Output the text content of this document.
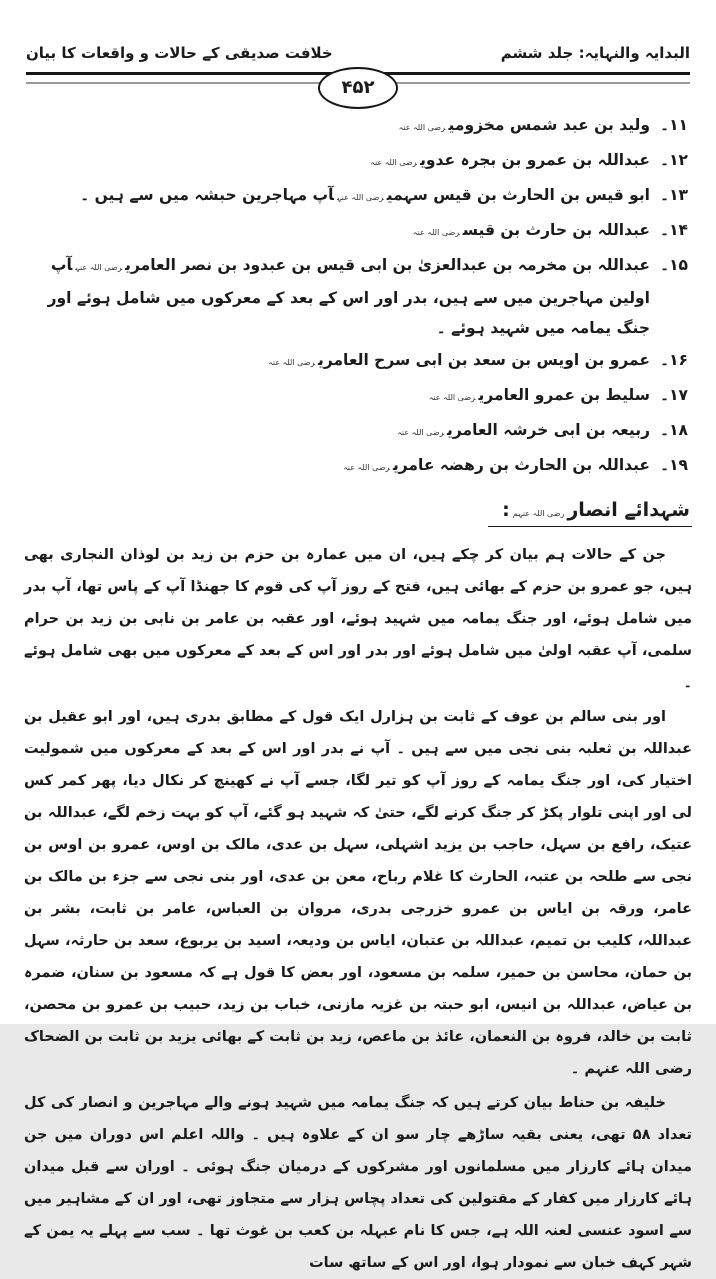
البدایہ والنہایہ: جلد ششم
خلافت صدیقی کے حالات و واقعات کا بیان
۴۵۲
۱۱۔
ولید بن عبد شمس مخزومیرضی اللہ عنہ
۱۲۔
عبداللہ بن عمرو بن بجرہ عدویرضی اللہ عنہ
۱۳۔
ابو قیس بن الحارث بن قیس سہمیرضی اللہ عنہآپ مہاجرین حبشہ میں سے ہیں ۔
۱۴۔
عبداللہ بن حارث بن قیسرضی اللہ عنہ
۱۵۔
عبداللہ بن مخرمہ بن عبدالعزیٰ بن ابی قیس بن عبدود بن نصر العامریرضی اللہ عنہآپ اولین مہاجرین میں سے ہیں، بدر اور اس کے بعد کے معرکوں میں شامل ہوئے اور جنگ یمامہ میں شہید ہوئے ۔
۱۶۔
عمرو بن اویس بن سعد بن ابی سرح العامریرضی اللہ عنہ
۱۷۔
سلیط بن عمرو العامریرضی اللہ عنہ
۱۸۔
ربیعہ بن ابی خرشہ العامریرضی اللہ عنہ
۱۹۔
عبداللہ بن الحارث بن رھضہ عامریرضی اللہ عنہ
شہدائے انصاررضی اللہ عنہم:

جن کے حالات ہم بیان کر چکے ہیں، ان میں عمارہ بن حزم بن زید بن لوذان النجاری بھی ہیں، جو عمرو بن حزم کے بھائی ہیں، فتح کے روز آپ کی قوم کا جھنڈا آپ کے پاس تھا، آپ بدر میں شامل ہوئے، اور جنگ یمامہ میں شہید ہوئے، اور عقبہ بن عامر بن نابی بن زید بن حرام سلمی، آپ عقبہ اولیٰ میں شامل ہوئے اور بدر اور اس کے بعد کے معرکوں میں بھی شامل ہوئے ۔

اور بنی سالم بن عوف کے ثابت بن ہزارل ایک قول کے مطابق بدری ہیں، اور ابو عقیل بن عبداللہ بن ثعلبہ بنی نجی میں سے ہیں ۔ آپ نے بدر اور اس کے بعد کے معرکوں میں شمولیت اختیار کی، اور جنگ یمامہ کے روز آپ کو تیر لگا، جسے آپ نے کھینچ کر نکال دیا، پھر کمر کس لی اور اپنی تلوار پکڑ کر جنگ کرنے لگے، حتیٰ کہ شہید ہو گئے، آپ کو بہت زخم لگے، عبداللہ بن عتیک، رافع بن سہل، حاجب بن یزید اشہلی، سہل بن عدی، مالک بن اوس، عمرو بن اوس بن نجی سے طلحہ بن عتبہ، الحارث کا غلام رباح، معن بن عدی، اور بنی نجی سے جزء بن مالک بن عامر، ورقہ بن ایاس بن عمرو خزرجی بدری، مروان بن العباس، عامر بن ثابت، بشر بن عبداللہ، کلیب بن تمیم، عبداللہ بن عتبان، ایاس بن ودیعہ، اسید بن یربوع، سعد بن حارثہ، سہل بن حمان، محاسن بن حمیر، سلمہ بن مسعود، اور بعض کا قول ہے کہ مسعود بن سنان، ضمرہ بن عیاض، عبداللہ بن انیس، ابو حبتہ بن غزیہ مازنی، خباب بن زید، حبیب بن عمرو بن محصن، ثابت بن خالد، فروہ بن النعمان، عائذ بن ماعص، زید بن ثابت کے بھائی یزید بن ثابت بن الضحاک رضی اللہ عنہم ۔

خلیفہ بن حناط بیان کرتے ہیں کہ جنگ یمامہ میں شہید ہونے والے مہاجرین و انصار کی کل تعداد ۵۸ تھی، یعنی بقیہ ساڑھے چار سو ان کے علاوہ ہیں ۔ واللہ اعلم اس دوران میں جن میدان ہائے کارزار میں مسلمانوں اور مشرکوں کے درمیان جنگ ہوئی ۔ اوران سے قبل میدان ہائے کارزار میں کفار کے مقتولین کی تعداد پچاس ہزار سے متجاوز تھی، اور ان کے مشاہیر میں سے اسود عنسی لعنہ اللہ ہے، جس کا نام عبہلہ بن کعب بن غوث تھا ۔ سب سے پہلے یہ یمن کے شہر کہف خبان سے نمودار ہوا، اور اس کے ساتھ سات
